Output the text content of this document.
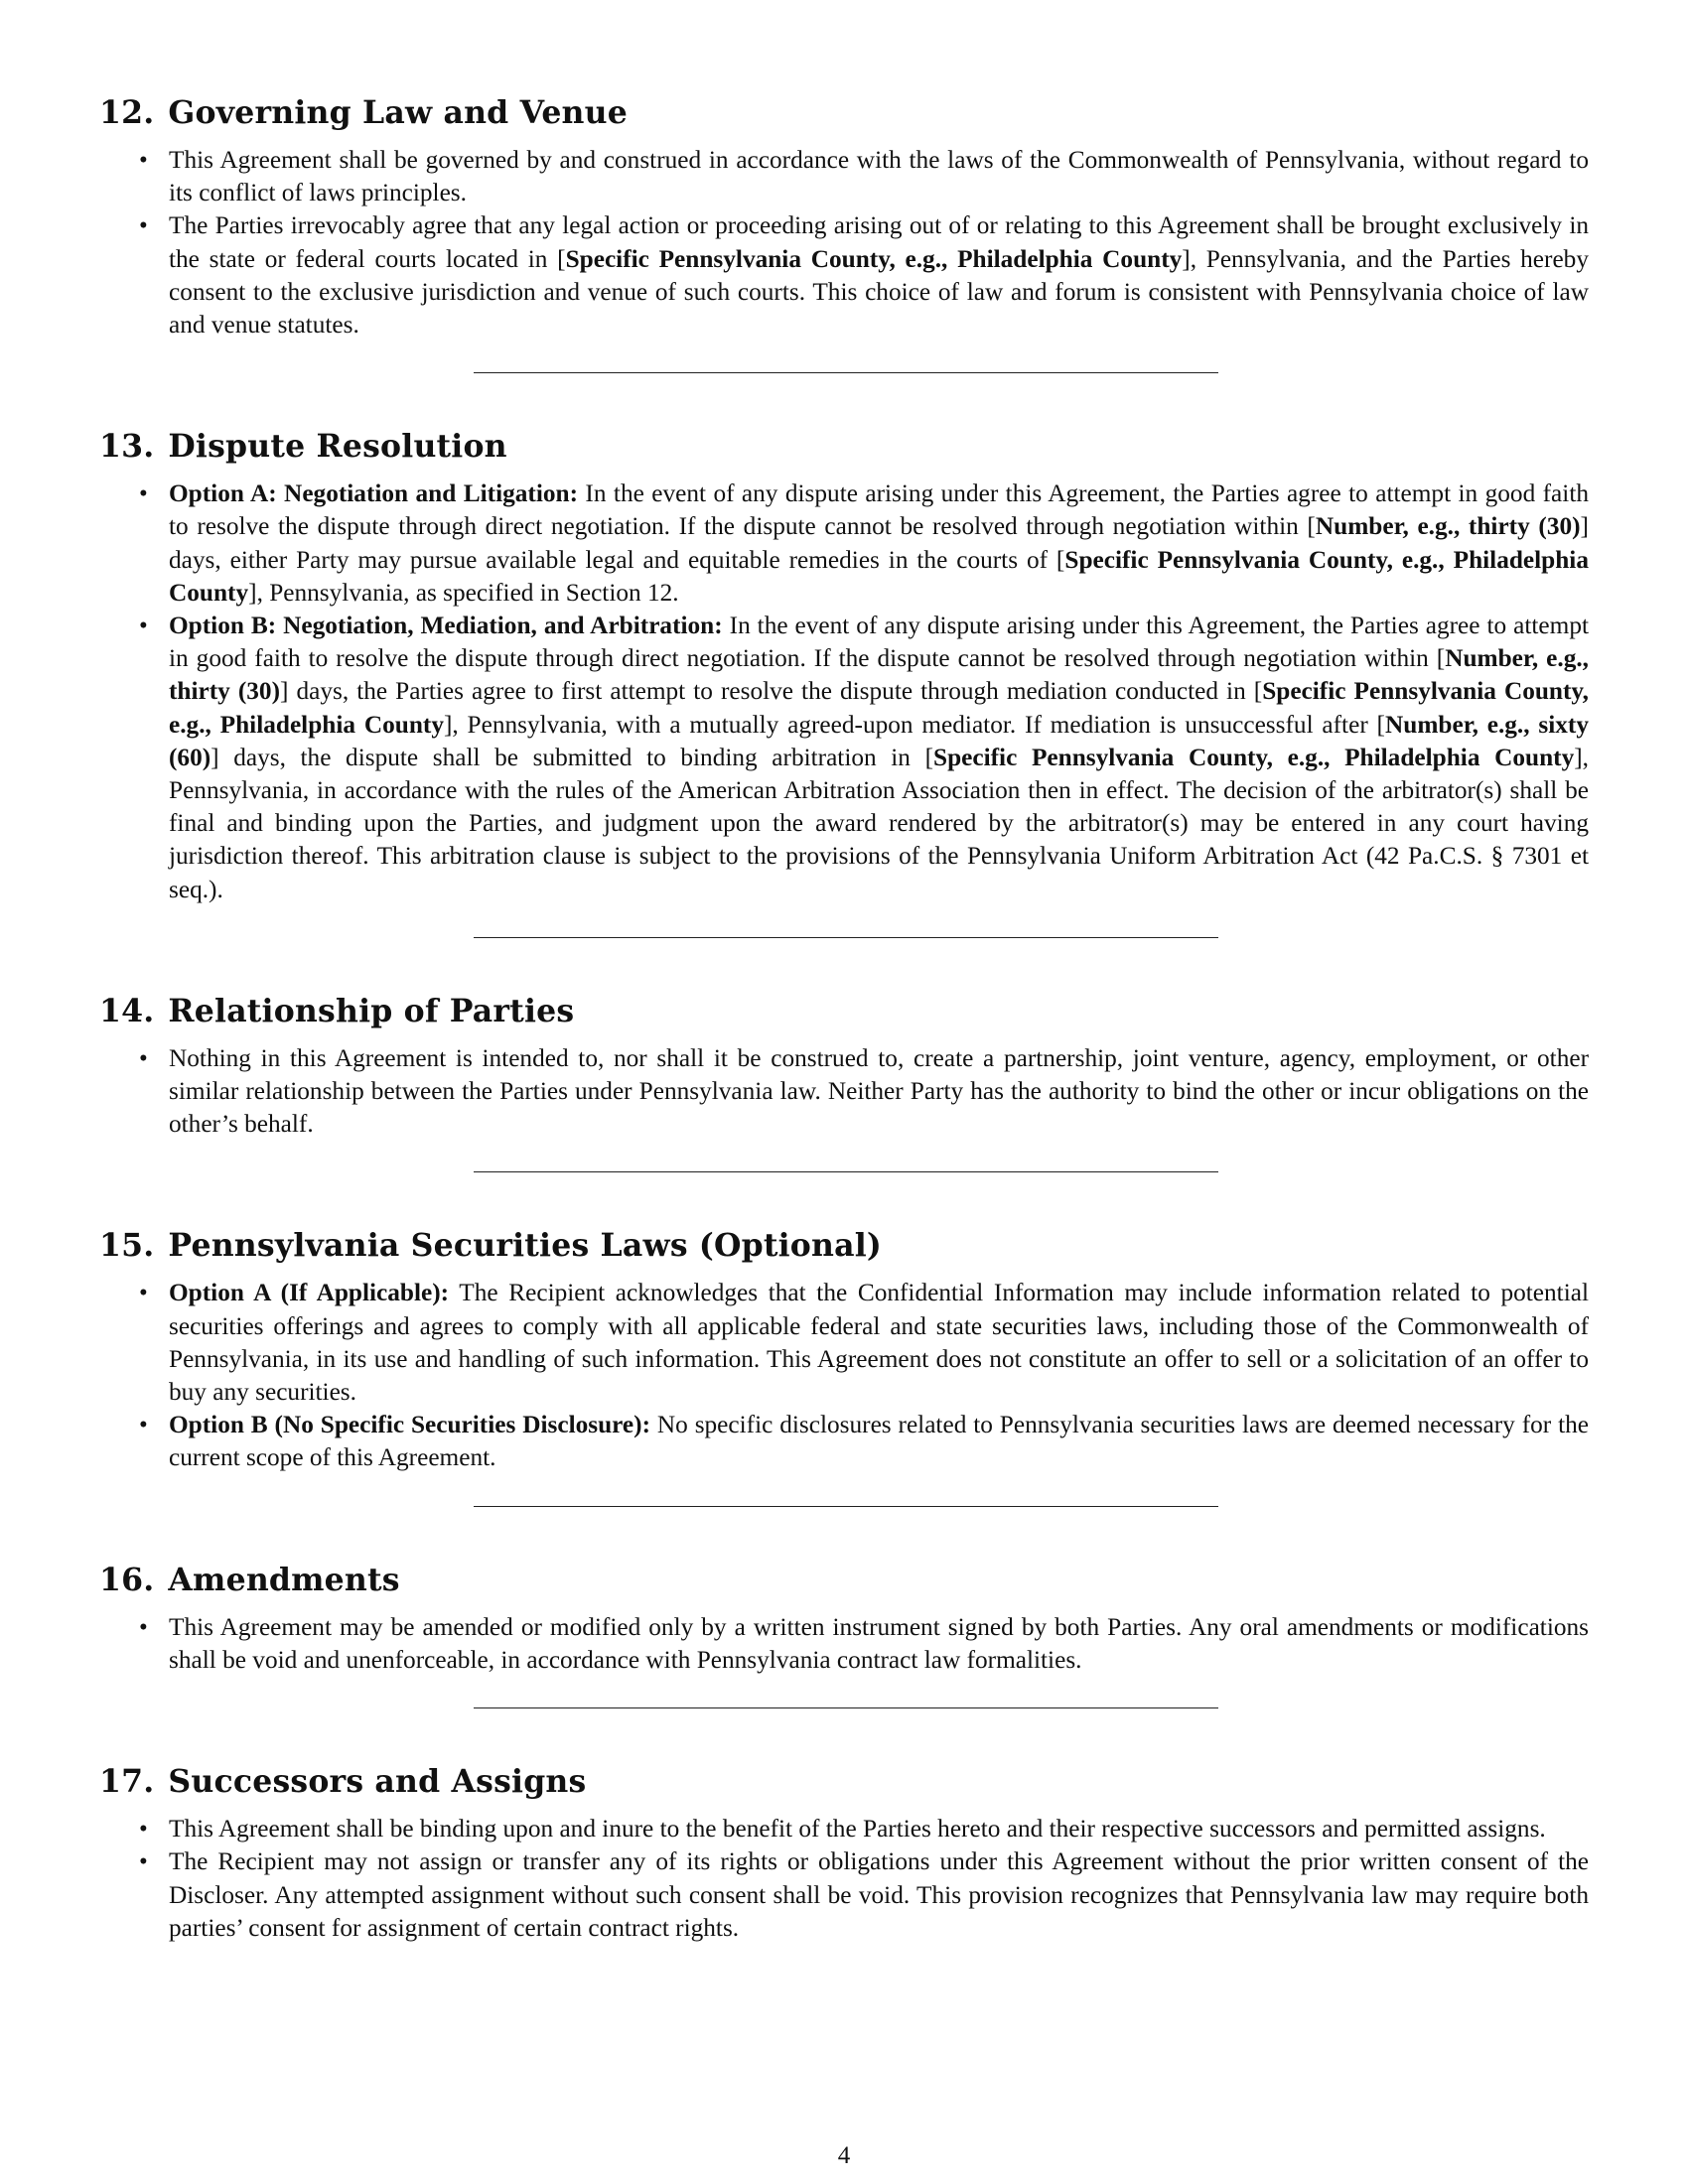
12. Governing Law and Venue
• This Agreement shall be governed by and construed in accordance with the laws of the Commonwealth of Pennsylvania, without regard to its conflict of laws principles.
• The Parties irrevocably agree that any legal action or proceeding arising out of or relating to this Agreement shall be brought exclusively in the state or federal courts located in [Specific Pennsylvania County, e.g., Philadelphia County], Pennsylvania, and the Parties hereby consent to the exclusive jurisdiction and venue of such courts. This choice of law and forum is consistent with Pennsylvania choice of law and venue statutes.
13. Dispute Resolution
• Option A: Negotiation and Litigation: In the event of any dispute arising under this Agreement, the Parties agree to attempt in good faith to resolve the dispute through direct negotiation. If the dispute cannot be resolved through negotiation within [Number, e.g., thirty (30)] days, either Party may pursue available legal and equitable remedies in the courts of [Specific Pennsylvania County, e.g., Philadelphia County], Pennsylvania, as specified in Section 12.
• Option B: Negotiation, Mediation, and Arbitration: In the event of any dispute arising under this Agreement, the Parties agree to attempt in good faith to resolve the dispute through direct negotiation. If the dispute cannot be resolved through negotiation within [Number, e.g., thirty (30)] days, the Parties agree to first attempt to resolve the dispute through mediation conducted in [Specific Pennsylvania County, e.g., Philadelphia County], Pennsylvania, with a mutually agreed-upon mediator. If mediation is unsuccessful after [Number, e.g., sixty (60)] days, the dispute shall be submitted to binding arbitration in [Specific Pennsylvania County, e.g., Philadelphia County], Pennsylvania, in accordance with the rules of the American Arbitration Association then in effect. The decision of the arbitrator(s) shall be final and binding upon the Parties, and judgment upon the award rendered by the arbitrator(s) may be entered in any court having jurisdiction thereof. This arbitration clause is subject to the provisions of the Pennsylvania Uniform Arbitration Act (42 Pa.C.S. § 7301 et seq.).
14. Relationship of Parties
• Nothing in this Agreement is intended to, nor shall it be construed to, create a partnership, joint venture, agency, employment, or other similar relationship between the Parties under Pennsylvania law. Neither Party has the authority to bind the other or incur obligations on the other’s behalf.
15. Pennsylvania Securities Laws (Optional)
• Option A (If Applicable): The Recipient acknowledges that the Confidential Information may include information related to potential securities offerings and agrees to comply with all applicable federal and state securities laws, including those of the Commonwealth of Pennsylvania, in its use and handling of such information. This Agreement does not constitute an offer to sell or a solicitation of an offer to buy any securities.
• Option B (No Specific Securities Disclosure): No specific disclosures related to Pennsylvania securities laws are deemed necessary for the current scope of this Agreement.
16. Amendments
• This Agreement may be amended or modified only by a written instrument signed by both Parties. Any oral amendments or modifications shall be void and unenforceable, in accordance with Pennsylvania contract law formalities.
17. Successors and Assigns
• This Agreement shall be binding upon and inure to the benefit of the Parties hereto and their respective successors and permitted assigns.
• The Recipient may not assign or transfer any of its rights or obligations under this Agreement without the prior written consent of the Discloser. Any attempted assignment without such consent shall be void. This provision recognizes that Pennsylvania law may require both parties’ consent for assignment of certain contract rights.
4
